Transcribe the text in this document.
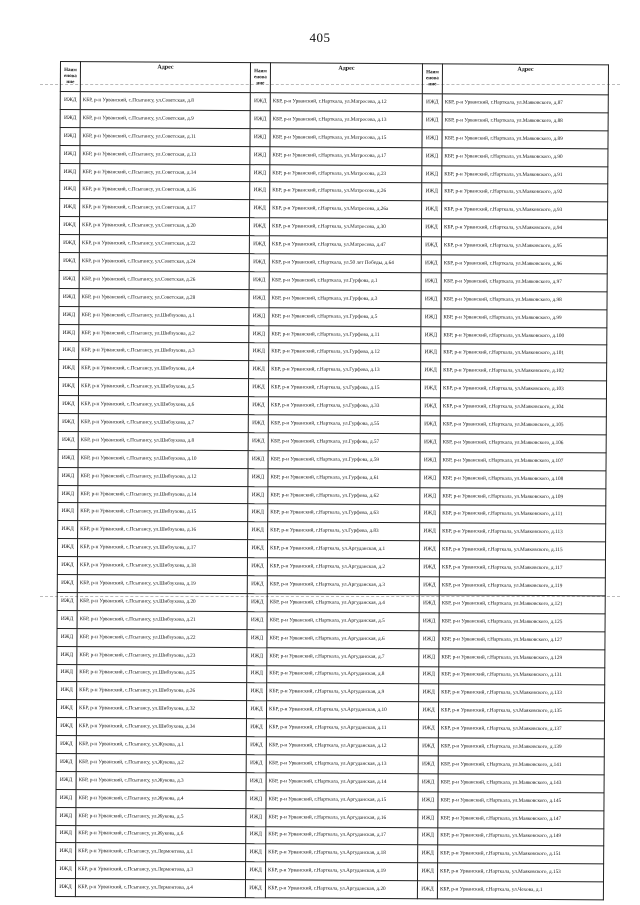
405
Наим енова ние	Адрес	Наим енова ние	Адрес	Наим енова ние	Адрес
ИЖД	КБР, р-н Урванский, с.Псыгансу, ул.Советская, д.8	ИЖД	КБР, р-н Урванский, г.Нарткала, ул.Матросова, д.12	ИЖД	КБР, р-н Урванский, г.Нарткала, ул.Маяковского, д.87
ИЖД	КБР, р-н Урванский, с.Псыгансу, ул.Советская, д.9	ИЖД	КБР, р-н Урванский, г.Нарткала, ул.Матросова, д.13	ИЖД	КБР, р-н Урванский, г.Нарткала, ул.Маяковского, д.88
ИЖД	КБР, р-н Урванский, с.Псыгансу, ул.Советская, д.11	ИЖД	КБР, р-н Урванский, г.Нарткала, ул.Матросова, д.15	ИЖД	КБР, р-н Урванский, г.Нарткала, ул.Маяковского, д.89
ИЖД	КБР, р-н Урванский, с.Псыгансу, ул.Советская, д.13	ИЖД	КБР, р-н Урванский, г.Нарткала, ул.Матросова, д.17	ИЖД	КБР, р-н Урванский, г.Нарткала, ул.Маяковского, д.90
ИЖД	КБР, р-н Урванский, с.Псыгансу, ул.Советская, д.14	ИЖД	КБР, р-н Урванский, г.Нарткала, ул.Матросова, д.23	ИЖД	КБР, р-н Урванский, г.Нарткала, ул.Маяковского, д.91
ИЖД	КБР, р-н Урванский, с.Псыгансу, ул.Советская, д.16	ИЖД	КБР, р-н Урванский, г.Нарткала, ул.Матросова, д.26	ИЖД	КБР, р-н Урванский, г.Нарткала, ул.Маяковского, д.92
ИЖД	КБР, р-н Урванский, с.Псыгансу, ул.Советская, д.17	ИЖД	КБР, р-н Урванский, г.Нарткала, ул.Матросова, д.26а	ИЖД	КБР, р-н Урванский, г.Нарткала, ул.Маяковского, д.93
ИЖД	КБР, р-н Урванский, с.Псыгансу, ул.Советская, д.20	ИЖД	КБР, р-н Урванский, г.Нарткала, ул.Матросова, д.30	ИЖД	КБР, р-н Урванский, г.Нарткала, ул.Маяковского, д.94
ИЖД	КБР, р-н Урванский, с.Псыгансу, ул.Советская, д.22	ИЖД	КБР, р-н Урванский, г.Нарткала, ул.Матросова, д.47	ИЖД	КБР, р-н Урванский, г.Нарткала, ул.Маяковского, д.95
ИЖД	КБР, р-н Урванский, с.Псыгансу, ул.Советская, д.24	ИЖД	КБР, р-н Урванский, г.Нарткала, ул.50 лет Победы, д.64	ИЖД	КБР, р-н Урванский, г.Нарткала, ул.Маяковского, д.96
ИЖД	КБР, р-н Урванский, с.Псыгансу, ул.Советская, д.26	ИЖД	КБР, р-н Урванский, г.Нарткала, ул.Гурфова, д.1	ИЖД	КБР, р-н Урванский, г.Нарткала, ул.Маяковского, д.97
ИЖД	КБР, р-н Урванский, с.Псыгансу, ул.Советская, д.28	ИЖД	КБР, р-н Урванский, г.Нарткала, ул.Гурфова, д.3	ИЖД	КБР, р-н Урванский, г.Нарткала, ул.Маяковского, д.98
ИЖД	КБР, р-н Урванский, с.Псыгансу, ул.Шибзухова, д.1	ИЖД	КБР, р-н Урванский, г.Нарткала, ул.Гурфова, д.5	ИЖД	КБР, р-н Урванский, г.Нарткала, ул.Маяковского, д.99
ИЖД	КБР, р-н Урванский, с.Псыгансу, ул.Шибзухова, д.2	ИЖД	КБР, р-н Урванский, г.Нарткала, ул.Гурфова, д.11	ИЖД	КБР, р-н Урванский, г.Нарткала, ул.Маяковского, д.100
ИЖД	КБР, р-н Урванский, с.Псыгансу, ул.Шибзухова, д.3	ИЖД	КБР, р-н Урванский, г.Нарткала, ул.Гурфова, д.12	ИЖД	КБР, р-н Урванский, г.Нарткала, ул.Маяковского, д.101
ИЖД	КБР, р-н Урванский, с.Псыгансу, ул.Шибзухова, д.4	ИЖД	КБР, р-н Урванский, г.Нарткала, ул.Гурфова, д.13	ИЖД	КБР, р-н Урванский, г.Нарткала, ул.Маяковского, д.102
ИЖД	КБР, р-н Урванский, с.Псыгансу, ул.Шибзухова, д.5	ИЖД	КБР, р-н Урванский, г.Нарткала, ул.Гурфова, д.15	ИЖД	КБР, р-н Урванский, г.Нарткала, ул.Маяковского, д.103
ИЖД	КБР, р-н Урванский, с.Псыгансу, ул.Шибзухова, д.6	ИЖД	КБР, р-н Урванский, г.Нарткала, ул.Гурфова, д.33	ИЖД	КБР, р-н Урванский, г.Нарткала, ул.Маяковского, д.104
ИЖД	КБР, р-н Урванский, с.Псыгансу, ул.Шибзухова, д.7	ИЖД	КБР, р-н Урванский, г.Нарткала, ул.Гурфова, д.55	ИЖД	КБР, р-н Урванский, г.Нарткала, ул.Маяковского, д.105
ИЖД	КБР, р-н Урванский, с.Псыгансу, ул.Шибзухова, д.8	ИЖД	КБР, р-н Урванский, г.Нарткала, ул.Гурфова, д.57	ИЖД	КБР, р-н Урванский, г.Нарткала, ул.Маяковского, д.106
ИЖД	КБР, р-н Урванский, с.Псыгансу, ул.Шибзухова, д.10	ИЖД	КБР, р-н Урванский, г.Нарткала, ул.Гурфова, д.59	ИЖД	КБР, р-н Урванский, г.Нарткала, ул.Маяковского, д.107
ИЖД	КБР, р-н Урванский, с.Псыгансу, ул.Шибзухова, д.12	ИЖД	КБР, р-н Урванский, г.Нарткала, ул.Гурфова, д.61	ИЖД	КБР, р-н Урванский, г.Нарткала, ул.Маяковского, д.108
ИЖД	КБР, р-н Урванский, с.Псыгансу, ул.Шибзухова, д.14	ИЖД	КБР, р-н Урванский, г.Нарткала, ул.Гурфова, д.62	ИЖД	КБР, р-н Урванский, г.Нарткала, ул.Маяковского, д.109
ИЖД	КБР, р-н Урванский, с.Псыгансу, ул.Шибзухова, д.15	ИЖД	КБР, р-н Урванский, г.Нарткала, ул.Гурфова, д.63	ИЖД	КБР, р-н Урванский, г.Нарткала, ул.Маяковского, д.111
ИЖД	КБР, р-н Урванский, с.Псыгансу, ул.Шибзухова, д.16	ИЖД	КБР, р-н Урванский, г.Нарткала, ул.Гурфова, д.83	ИЖД	КБР, р-н Урванский, г.Нарткала, ул.Маяковского, д.113
ИЖД	КБР, р-н Урванский, с.Псыгансу, ул.Шибзухова, д.17	ИЖД	КБР, р-н Урванский, г.Нарткала, ул.Аргуданская, д.1	ИЖД	КБР, р-н Урванский, г.Нарткала, ул.Маяковского, д.115
ИЖД	КБР, р-н Урванский, с.Псыгансу, ул.Шибзухова, д.18	ИЖД	КБР, р-н Урванский, г.Нарткала, ул.Аргуданская, д.2	ИЖД	КБР, р-н Урванский, г.Нарткала, ул.Маяковского, д.117
ИЖД	КБР, р-н Урванский, с.Псыгансу, ул.Шибзухова, д.19	ИЖД	КБР, р-н Урванский, г.Нарткала, ул.Аргуданская, д.3	ИЖД	КБР, р-н Урванский, г.Нарткала, ул.Маяковского, д.119
ИЖД	КБР, р-н Урванский, с.Псыгансу, ул.Шибзухова, д.20	ИЖД	КБР, р-н Урванский, г.Нарткала, ул.Аргуданская, д.4	ИЖД	КБР, р-н Урванский, г.Нарткала, ул.Маяковского, д.121
ИЖД	КБР, р-н Урванский, с.Псыгансу, ул.Шибзухова, д.21	ИЖД	КБР, р-н Урванский, г.Нарткала, ул.Аргуданская, д.5	ИЖД	КБР, р-н Урванский, г.Нарткала, ул.Маяковского, д.125
ИЖД	КБР, р-н Урванский, с.Псыгансу, ул.Шибзухова, д.22	ИЖД	КБР, р-н Урванский, г.Нарткала, ул.Аргуданская, д.6	ИЖД	КБР, р-н Урванский, г.Нарткала, ул.Маяковского, д.127
ИЖД	КБР, р-н Урванский, с.Псыгансу, ул.Шибзухова, д.23	ИЖД	КБР, р-н Урванский, г.Нарткала, ул.Аргуданская, д.7	ИЖД	КБР, р-н Урванский, г.Нарткала, ул.Маяковского, д.129
ИЖД	КБР, р-н Урванский, с.Псыгансу, ул.Шибзухова, д.25	ИЖД	КБР, р-н Урванский, г.Нарткала, ул.Аргуданская, д.8	ИЖД	КБР, р-н Урванский, г.Нарткала, ул.Маяковского, д.131
ИЖД	КБР, р-н Урванский, с.Псыгансу, ул.Шибзухова, д.26	ИЖД	КБР, р-н Урванский, г.Нарткала, ул.Аргуданская, д.9	ИЖД	КБР, р-н Урванский, г.Нарткала, ул.Маяковского, д.133
ИЖД	КБР, р-н Урванский, с.Псыгансу, ул.Шибзухова, д.32	ИЖД	КБР, р-н Урванский, г.Нарткала, ул.Аргуданская, д.10	ИЖД	КБР, р-н Урванский, г.Нарткала, ул.Маяковского, д.135
ИЖД	КБР, р-н Урванский, с.Псыгансу, ул.Шибзухова, д.34	ИЖД	КБР, р-н Урванский, г.Нарткала, ул.Аргуданская, д.11	ИЖД	КБР, р-н Урванский, г.Нарткала, ул.Маяковского, д.137
ИЖД	КБР, р-н Урванский, с.Псыгансу, ул.Жукова, д.1	ИЖД	КБР, р-н Урванский, г.Нарткала, ул.Аргуданская, д.12	ИЖД	КБР, р-н Урванский, г.Нарткала, ул.Маяковского, д.139
ИЖД	КБР, р-н Урванский, с.Псыгансу, ул.Жукова, д.2	ИЖД	КБР, р-н Урванский, г.Нарткала, ул.Аргуданская, д.13	ИЖД	КБР, р-н Урванский, г.Нарткала, ул.Маяковского, д.141
ИЖД	КБР, р-н Урванский, с.Псыгансу, ул.Жукова, д.3	ИЖД	КБР, р-н Урванский, г.Нарткала, ул.Аргуданская, д.14	ИЖД	КБР, р-н Урванский, г.Нарткала, ул.Маяковского, д.143
ИЖД	КБР, р-н Урванский, с.Псыгансу, ул.Жукова, д.4	ИЖД	КБР, р-н Урванский, г.Нарткала, ул.Аргуданская, д.15	ИЖД	КБР, р-н Урванский, г.Нарткала, ул.Маяковского, д.145
ИЖД	КБР, р-н Урванский, с.Псыгансу, ул.Жукова, д.5	ИЖД	КБР, р-н Урванский, г.Нарткала, ул.Аргуданская, д.16	ИЖД	КБР, р-н Урванский, г.Нарткала, ул.Маяковского, д.147
ИЖД	КБР, р-н Урванский, с.Псыгансу, ул.Жукова, д.6	ИЖД	КБР, р-н Урванский, г.Нарткала, ул.Аргуданская, д.17	ИЖД	КБР, р-н Урванский, г.Нарткала, ул.Маяковского, д.149
ИЖД	КБР, р-н Урванский, с.Псыгансу, ул.Лермонтова, д.1	ИЖД	КБР, р-н Урванский, г.Нарткала, ул.Аргуданская, д.18	ИЖД	КБР, р-н Урванский, г.Нарткала, ул.Маяковского, д.151
ИЖД	КБР, р-н Урванский, с.Псыгансу, ул.Лермонтова, д.3	ИЖД	КБР, р-н Урванский, г.Нарткала, ул.Аргуданская, д.19	ИЖД	КБР, р-н Урванский, г.Нарткала, ул.Маяковского, д.153
ИЖД	КБР, р-н Урванский, с.Псыгансу, ул.Лермонтова, д.4	ИЖД	КБР, р-н Урванский, г.Нарткала, ул.Аргуданская, д.20	ИЖД	КБР, р-н Урванский, г.Нарткала, ул.Чехова, д.1
